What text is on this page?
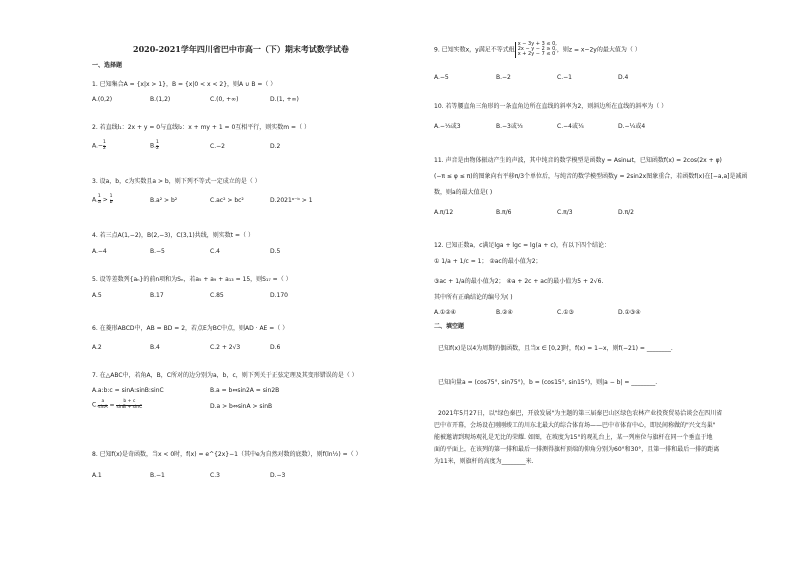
2020-2021学年四川省巴中市高一（下）期末考试数学试卷
一、选择题
1. 已知集合A = {x|x > 1}，B = {x|0 < x < 2}，则A ∪ B =（ ）
A.(0,2)	B.(1,2)	C.(0, +∞)	D.(1, +∞)
2. 若直线l₁：2x + y = 0与直线l₂：x + my + 1 = 0互相平行，则实数m =（ ）
$A.- \frac{1}{2}$	B. $\frac{1}{2}$	C.−2	D.2
3. 设a，b，c为实数且a > b，则下列不等式一定成立的是（ ）
A. $\frac{1}{a} > \frac{1}{b}$	B.a² > b²	C.ac² > bc²	D.2021ᵃ⁻ᵇ > 1
4. 若三点A(1,−2)，B(2,−3)，C(3,1)共线，则实数t =（ ）
A.−4	B.−5	C.4	D.5
5. 设等差数列{aₙ}的前n项和为Sₙ，若a₅ + a₉ + a₁₃ = 15，则S₁₇ =（ ）
A.5	B.17	C.85	D.170
6. 在菱形ABCD中，AB = BD = 2，若点E为BC中点，则AD · AE =（ ）
A.2	B.4	C.2 + 2√3	D.6
7. 在△ABC中，若角A，B，C所对的边分别为a，b，c，则下列关于正弦定理及其变形错误的是（ ）
A.a:b:c = sinA:sinB:sinC	B.a = b⇔sin2A = sin2B
C. $\frac{a}{\sin A} = \frac{b + c}{\sin B + \sin C}$	D.a > b⇔sinA > sinB
8. 已知f(x)是奇函数，当x < 0时，f(x) = e^{2x}−1（其中e为自然对数的底数），则f(ln½) =（ ）
A.1	B.−1	C.3	D.−3
9. 已知实数x，y满足不等式组
x − 3y + 3 ≤ 0,
2x − y − 2 ≥ 0,
x + 2y − 7 ≤ 0
，则z = x−2y的最大值为（ ）
A.−5	B.−2	C.−1	D.4
10. 若等腰直角三角形的一条直角边所在直线的斜率为2，则斜边所在直线的斜率为（ ）
A.−⅓或3	B.−3或⅓	C.−4或¼	D.−¼或4
11. 声音是由物体振动产生的声波，其中纯音的数学模型是函数y = Asinωt，已知函数f(x) = 2cos(2x + φ)
(−π ≤ φ ≤ π)的图象向右平移π/3个单位后，与纯音的数学模型函数y = 2sin2x图象重合，若函数f(x)在[−a,a]是减函
数，则a的最大值是( )
A.π/12	B.π/6	C.π/3	D.π/2
12. 已知正数a，c满足lga + lgc = lg(a + c)，有以下四个结论：
① 1/a + 1/c = 1； ②ac的最小值为2；
③ac + 1/a的最小值为2； ④a + 2c + ac的最小值为5 + 2√6.
其中所有正确结论的编号为( )
A.①②④	B.②④	C.①③	D.①③④
二、填空题
已知f(x)是以4为周期的偶函数，且当x ∈ [0,2]时，f(x) = 1−x，则f(−21) = ________.
已知向量a = (cos75°, sin75°)，b = (cos15°, sin15°)，则|a − b| = ________.
2021年5月27日，以"绿色秦巴，开放发展"为主题的第三届秦巴山区绿色农林产业投资贸易洽谈会在四川省
巴中市开幕，会场设在刚刚竣工的川东北最大的综合体育场——巴中市体育中心，即民间称做的"兴文鸟巢"
能被邀请到现场观礼是无比的荣耀. 如图，在坡度为15°的观礼台上，某一列座位与旗杆在同一个垂直于地
面的平面上，在该列的第一排和最后一排测得旗杆顶端的仰角分别为60°和30°，且第一排和最后一排的距离
为11米，则旗杆的高度为________米.
